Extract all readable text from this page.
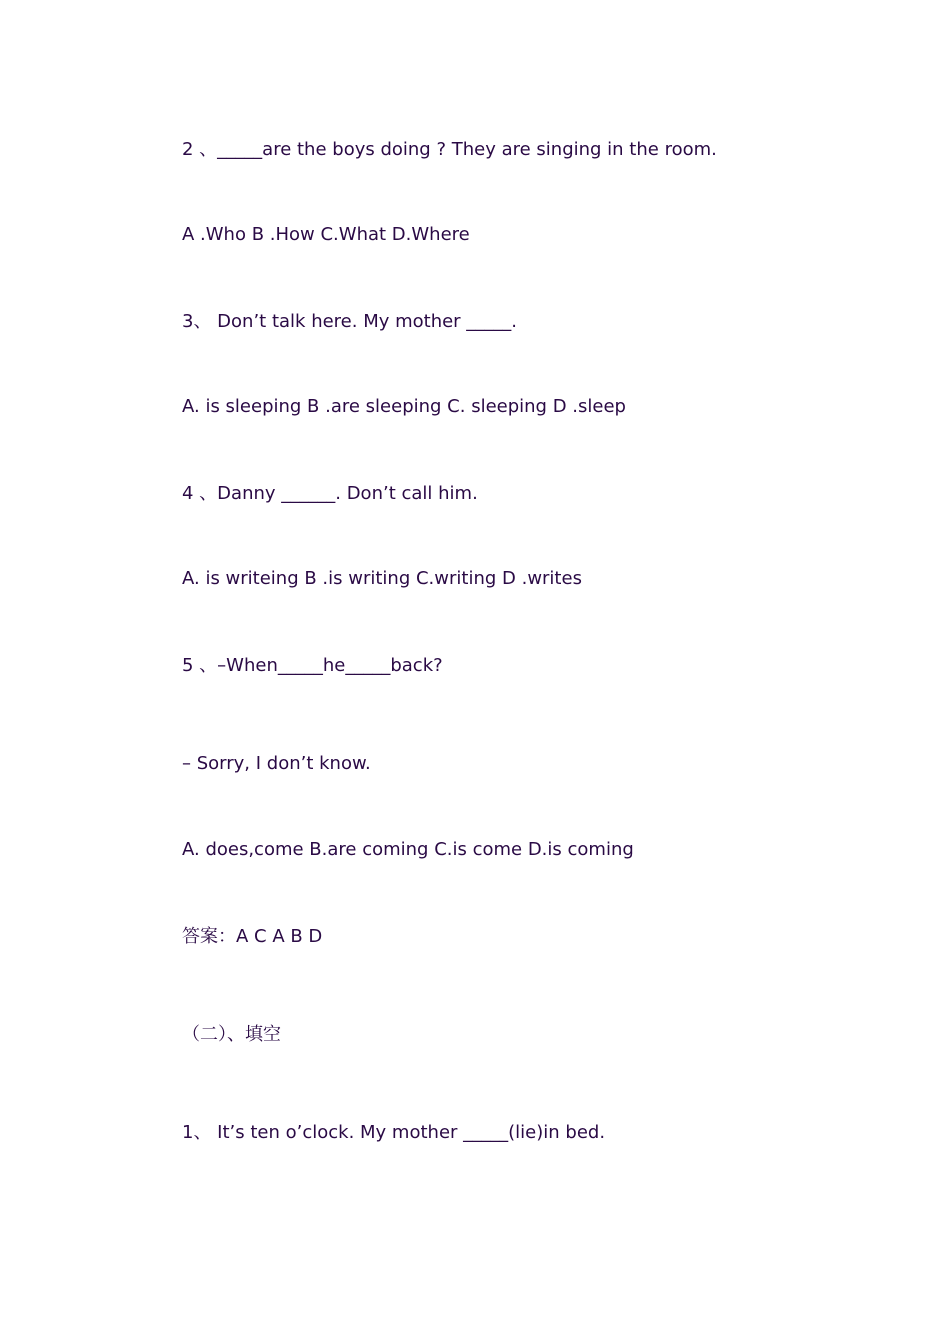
2 、_____are the boys doing ? They are singing in the room.
A .Who B .How C.What D.Where
3、 Don’t talk here. My mother _____.
A. is sleeping B .are sleeping C. sleeping D .sleep
4 、Danny ______. Don’t call him.
A. is writeing B .is writing C.writing D .writes
5 、–When_____he_____back?
– Sorry, I don’t know.
A. does,come B.are coming C.is come D.is coming
答案：A C A B D
（二）、填空
1、 It’s ten o’clock. My mother _____(lie)in bed.
